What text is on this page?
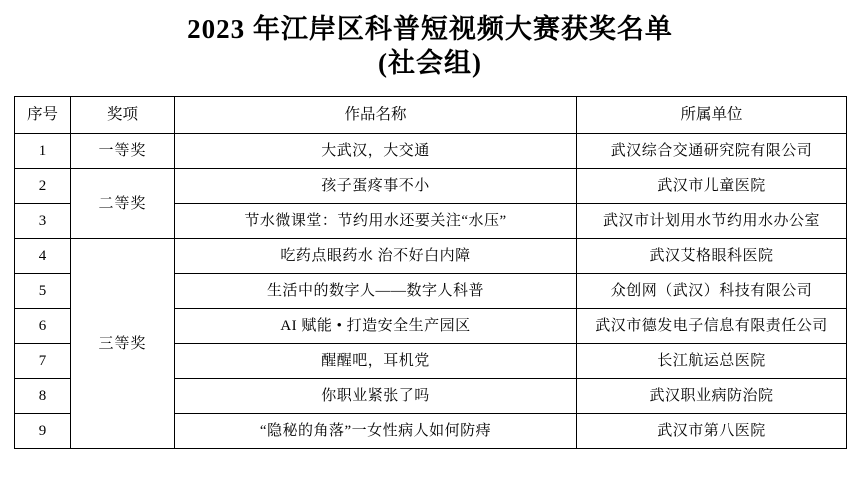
2023 年江岸区科普短视频大赛获奖名单
(社会组)
序号	奖项	作品名称	所属单位
1	一等奖	大武汉，大交通	武汉综合交通研究院有限公司
2	二等奖	孩子蛋疼事不小	武汉市儿童医院
3		节水微课堂：节约用水还要关注“水压”	武汉市计划用水节约用水办公室
4	三等奖	吃药点眼药水 治不好白内障	武汉艾格眼科医院
5		生活中的数字人——数字人科普	众创网（武汉）科技有限公司
6		AI 赋能 • 打造安全生产园区	武汉市德发电子信息有限责任公司
7		醒醒吧，耳机党	长江航运总医院
8		你职业紧张了吗	武汉职业病防治院
9		“隐秘的角落”一女性病人如何防痔	武汉市第八医院
